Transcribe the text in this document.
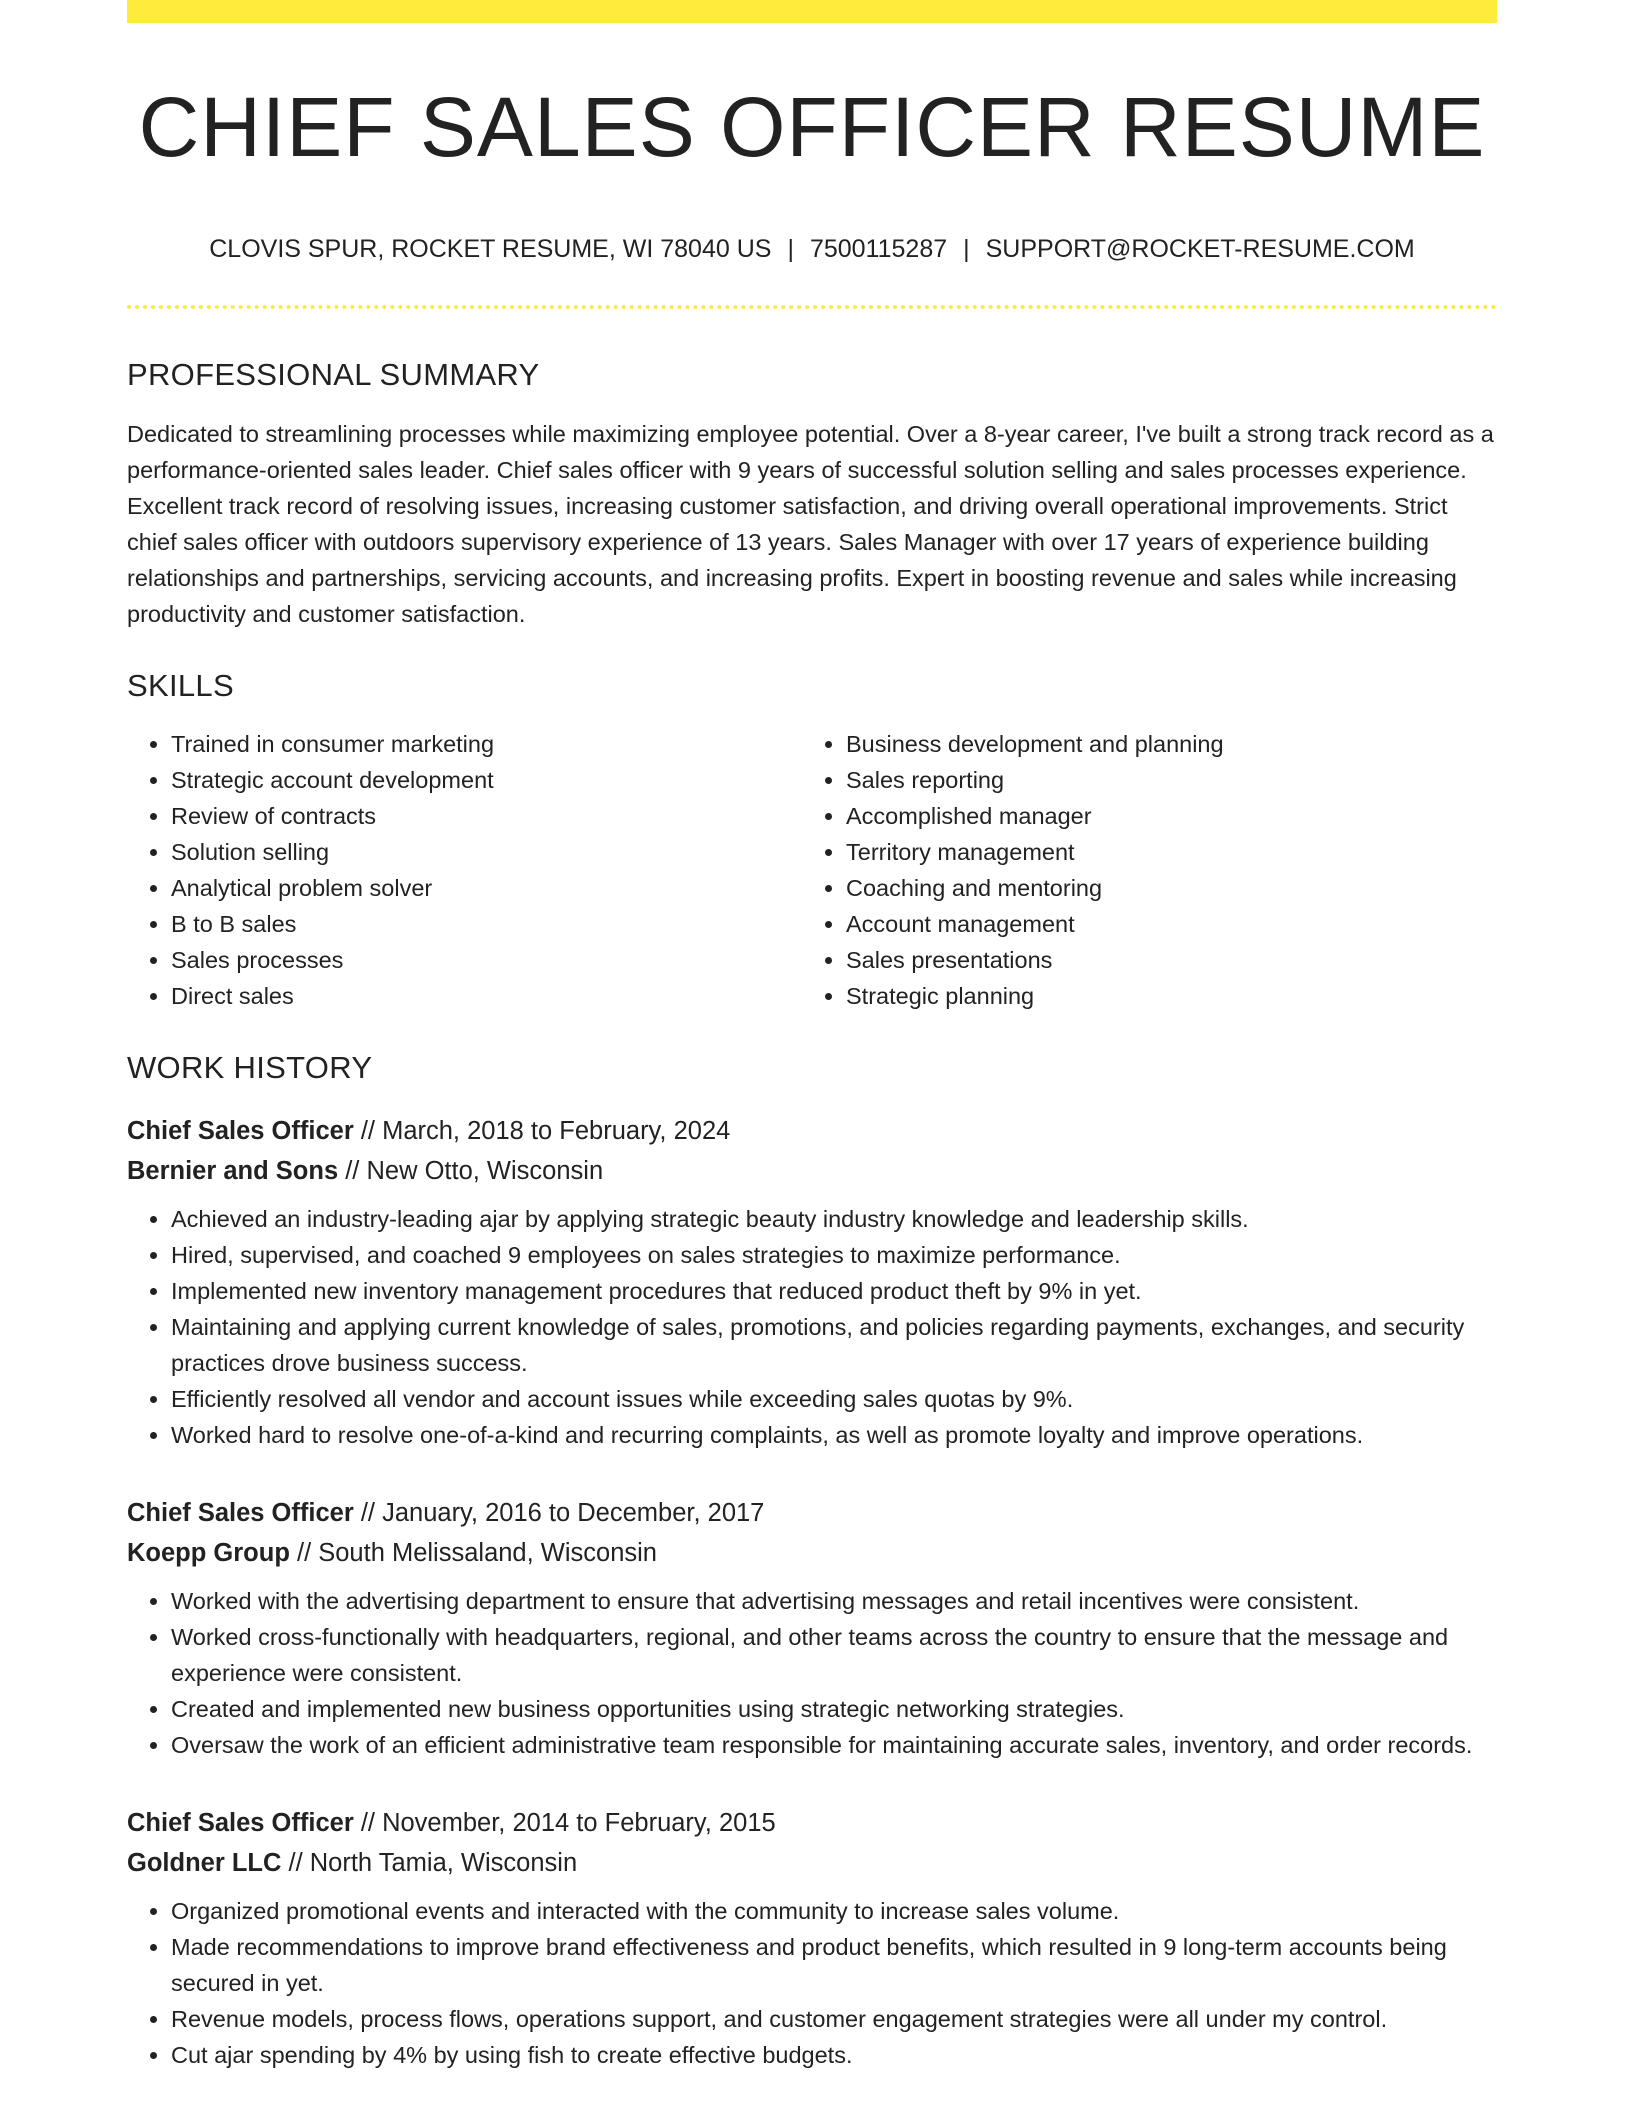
CHIEF SALES OFFICER RESUME
CLOVIS SPUR, ROCKET RESUME, WI 78040 US | 7500115287 | SUPPORT@ROCKET-RESUME.COM
PROFESSIONAL SUMMARY

Dedicated to streamlining processes while maximizing employee potential. Over a 8-year career, I've built a strong track record as a performance-oriented sales leader. Chief sales officer with 9 years of successful solution selling and sales processes experience. Excellent track record of resolving issues, increasing customer satisfaction, and driving overall operational improvements. Strict chief sales officer with outdoors supervisory experience of 13 years. Sales Manager with over 17 years of experience building relationships and partnerships, servicing accounts, and increasing profits. Expert in boosting revenue and sales while increasing productivity and customer satisfaction.

SKILLS
• Trained in consumer marketing
• Strategic account development
• Review of contracts
• Solution selling
• Analytical problem solver
• B to B sales
• Sales processes
• Direct sales
• Business development and planning
• Sales reporting
• Accomplished manager
• Territory management
• Coaching and mentoring
• Account management
• Sales presentations
• Strategic planning
WORK HISTORY
Chief Sales Officer // March, 2018 to February, 2024
Bernier and Sons // New Otto, Wisconsin
• Achieved an industry-leading ajar by applying strategic beauty industry knowledge and leadership skills.
• Hired, supervised, and coached 9 employees on sales strategies to maximize performance.
• Implemented new inventory management procedures that reduced product theft by 9% in yet.
• Maintaining and applying current knowledge of sales, promotions, and policies regarding payments, exchanges, and security practices drove business success.
• Efficiently resolved all vendor and account issues while exceeding sales quotas by 9%.
• Worked hard to resolve one-of-a-kind and recurring complaints, as well as promote loyalty and improve operations.
Chief Sales Officer // January, 2016 to December, 2017
Koepp Group // South Melissaland, Wisconsin
• Worked with the advertising department to ensure that advertising messages and retail incentives were consistent.
• Worked cross-functionally with headquarters, regional, and other teams across the country to ensure that the message and experience were consistent.
• Created and implemented new business opportunities using strategic networking strategies.
• Oversaw the work of an efficient administrative team responsible for maintaining accurate sales, inventory, and order records.
Chief Sales Officer // November, 2014 to February, 2015
Goldner LLC // North Tamia, Wisconsin
• Organized promotional events and interacted with the community to increase sales volume.
• Made recommendations to improve brand effectiveness and product benefits, which resulted in 9 long-term accounts being secured in yet.
• Revenue models, process flows, operations support, and customer engagement strategies were all under my control.
• Cut ajar spending by 4% by using fish to create effective budgets.
